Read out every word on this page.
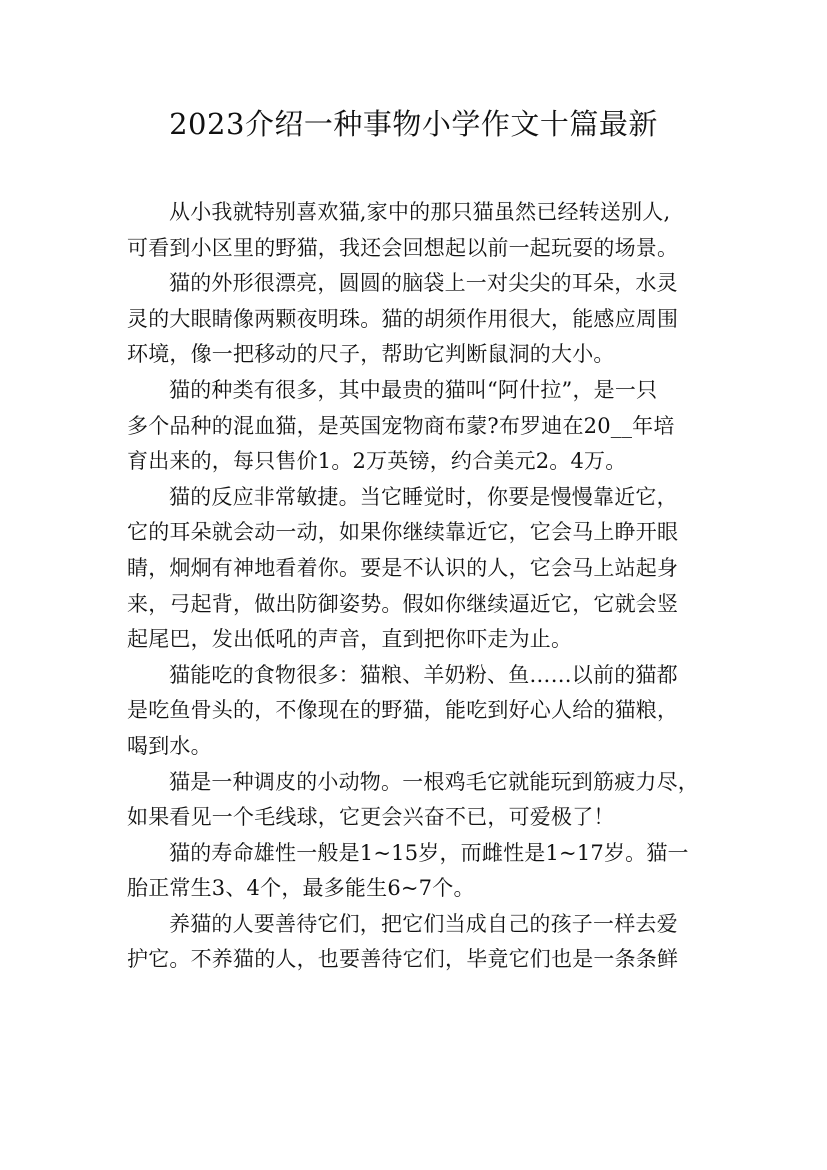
2023介绍一种事物小学作文十篇最新
从小我就特别喜欢猫,家中的那只猫虽然已经转送别人,
可看到小区里的野猫，我还会回想起以前一起玩耍的场景。
猫的外形很漂亮，圆圆的脑袋上一对尖尖的耳朵，水灵
灵的大眼睛像两颗夜明珠。猫的胡须作用很大，能感应周围
环境，像一把移动的尺子，帮助它判断鼠洞的大小。
猫的种类有很多，其中最贵的猫叫“阿什拉”，是一只
多个品种的混血猫，是英国宠物商布蒙?布罗迪在20__年培
育出来的，每只售价1。2万英镑，约合美元2。4万。
猫的反应非常敏捷。当它睡觉时，你要是慢慢靠近它，
它的耳朵就会动一动，如果你继续靠近它，它会马上睁开眼
睛，炯炯有神地看着你。要是不认识的人，它会马上站起身
来，弓起背，做出防御姿势。假如你继续逼近它，它就会竖
起尾巴，发出低吼的声音，直到把你吓走为止。
猫能吃的食物很多：猫粮、羊奶粉、鱼……以前的猫都
是吃鱼骨头的，不像现在的野猫，能吃到好心人给的猫粮，
喝到水。
猫是一种调皮的小动物。一根鸡毛它就能玩到筋疲力尽，
如果看见一个毛线球，它更会兴奋不已，可爱极了！
猫的寿命雄性一般是1~15岁，而雌性是1~17岁。猫一
胎正常生3、4个，最多能生6~7个。
养猫的人要善待它们，把它们当成自己的孩子一样去爱
护它。不养猫的人，也要善待它们，毕竟它们也是一条条鲜
